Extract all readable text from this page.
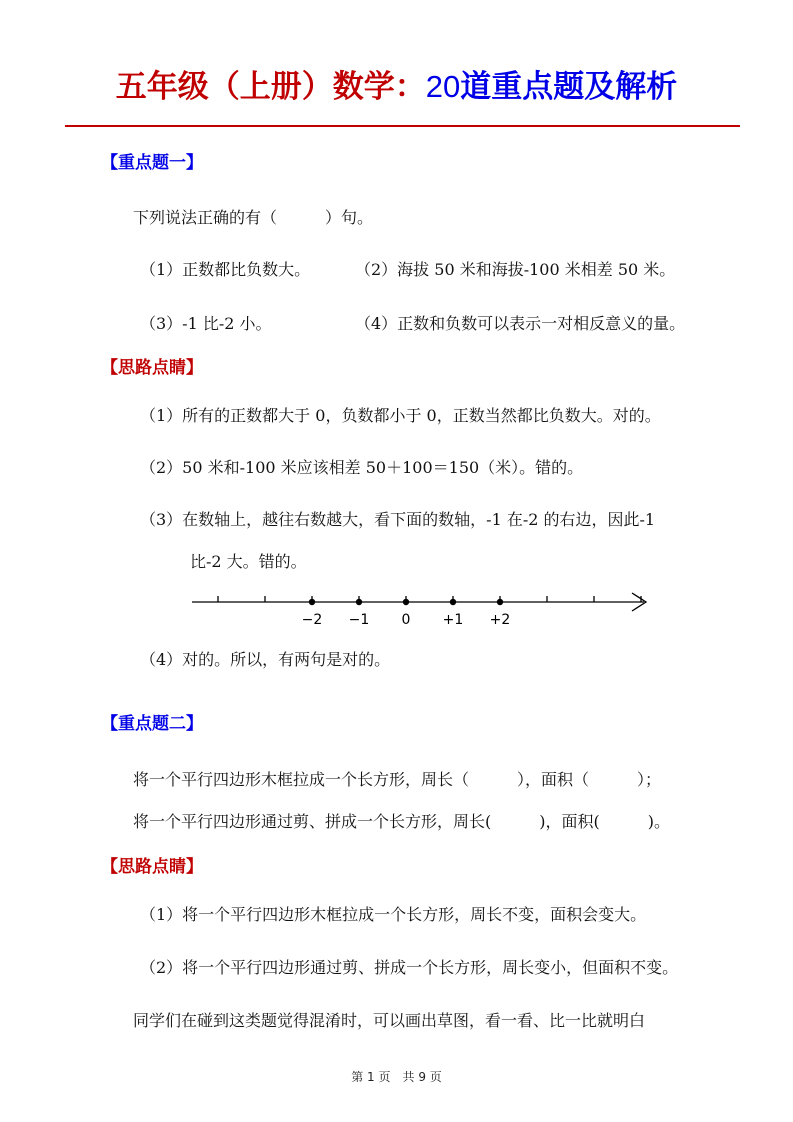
五年级（上册）数学：20道重点题及解析
【重点题一】
下列说法正确的有（　　　）句。
（1）正数都比负数大。	（2）海拔 50 米和海拔-100 米相差 50 米。
（3）-1 比-2 小。	（4）正数和负数可以表示一对相反意义的量。
【思路点睛】
（1）所有的正数都大于 0，负数都小于 0，正数当然都比负数大。对的。
（2）50 米和-100 米应该相差 50＋100＝150（米）。错的。
（3）在数轴上，越往右数越大，看下面的数轴，-1 在-2 的右边，因此-1
比-2 大。错的。
−2 −1 0 +1 +2
（4）对的。所以，有两句是对的。
【重点题二】
将一个平行四边形木框拉成一个长方形，周长（　　　），面积（　　　）；
将一个平行四边形通过剪、拼成一个长方形，周长(　　　)，面积(　　　)。
【思路点睛】
（1）将一个平行四边形木框拉成一个长方形，周长不变，面积会变大。
（2）将一个平行四边形通过剪、拼成一个长方形，周长变小，但面积不变。
同学们在碰到这类题觉得混淆时，可以画出草图，看一看、比一比就明白
第 1 页　共 9 页
